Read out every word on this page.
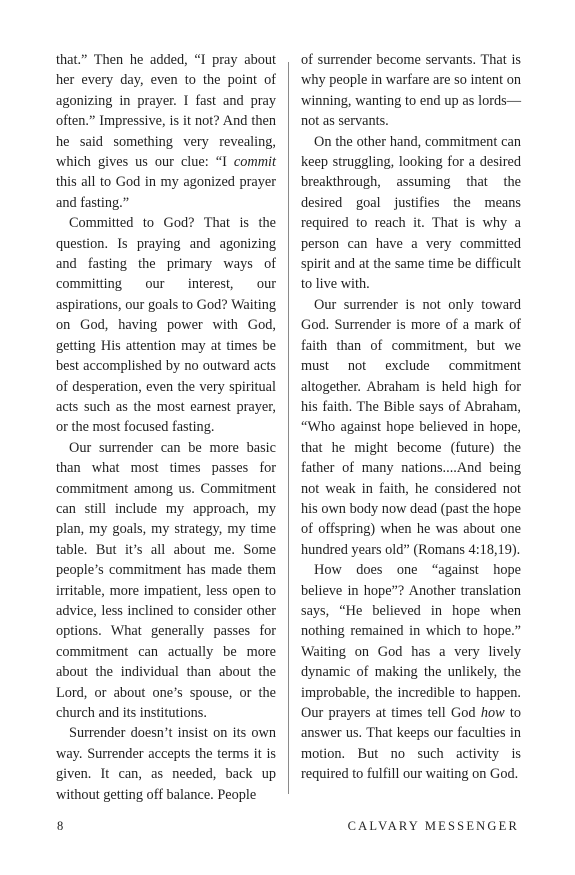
that.” Then he added, “I pray about her every day, even to the point of agonizing in prayer. I fast and pray often.” Impressive, is it not? And then he said something very revealing, which gives us our clue: “I commit this all to God in my agonized prayer and fasting.”

Committed to God? That is the question. Is praying and agonizing and fasting the primary ways of committing our interest, our aspirations, our goals to God? Waiting on God, having power with God, getting His attention may at times be best accomplished by no outward acts of desperation, even the very spiritual acts such as the most earnest prayer, or the most focused fasting.

Our surrender can be more basic than what most times passes for commitment among us. Commitment can still include my approach, my plan, my goals, my strategy, my time table. But it’s all about me. Some people’s commitment has made them irritable, more impatient, less open to advice, less inclined to consider other options. What generally passes for commitment can actually be more about the individual than about the Lord, or about one’s spouse, or the church and its institutions.

Surrender doesn’t insist on its own way. Surrender accepts the terms it is given. It can, as needed, back up without getting off balance. People

of surrender become servants. That is why people in warfare are so intent on winning, wanting to end up as lords—not as servants.

On the other hand, commitment can keep struggling, looking for a desired breakthrough, assuming that the desired goal justifies the means required to reach it. That is why a person can have a very committed spirit and at the same time be difficult to live with.

Our surrender is not only toward God. Surrender is more of a mark of faith than of commitment, but we must not exclude commitment altogether. Abraham is held high for his faith. The Bible says of Abraham, “Who against hope believed in hope, that he might become (future) the father of many nations....And being not weak in faith, he considered not his own body now dead (past the hope of offspring) when he was about one hundred years old” (Romans 4:18,19).

How does one “against hope believe in hope”? Another translation says, “He believed in hope when nothing remained in which to hope.” Waiting on God has a very lively dynamic of making the unlikely, the improbable, the incredible to happen. Our prayers at times tell God how to answer us. That keeps our faculties in motion. But no such activity is required to fulfill our waiting on God.

8	CALVARY MESSENGER
